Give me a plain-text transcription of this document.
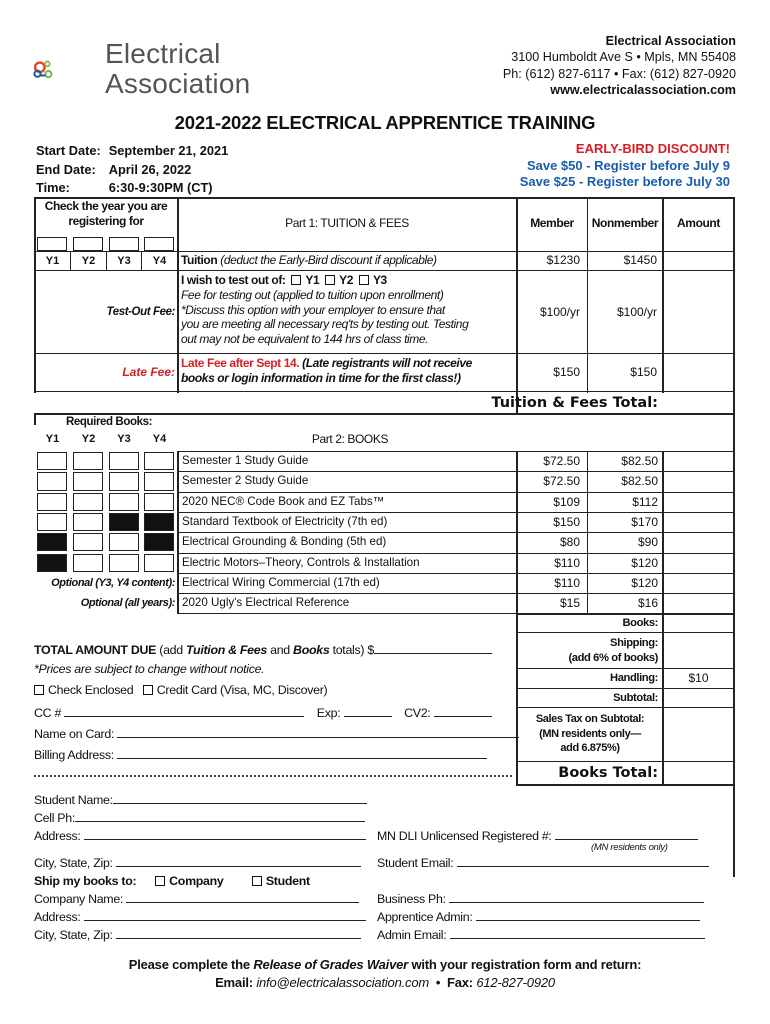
Electrical
Association
Electrical Association
3100 Humboldt Ave S • Mpls, MN 55408
Ph: (612) 827-6117 • Fax: (612) 827-0920
www.electricalassociation.com
2021-2022 ELECTRICAL APPRENTICE TRAINING
Start Date:	September 21, 2021
End Date:	April 26, 2022
Time:	6:30-9:30PM (CT)
EARLY-BIRD DISCOUNT!
Save $50 - Register before July 9
Save $25 - Register before July 30
Check the year you are registering for	Part 1: TUITION & FEES	Member	Nonmember	Amount
Y1	Y2	Y3	Y4	Tuition (deduct the Early-Bird discount if applicable)	$1230	$1450
I wish to test out of: Y1 Y2 Y3
Fee for testing out (applied to tuition upon enrollment)
*Discuss this option with your employer to ensure that
you are meeting all necessary req'ts by testing out. Testing
out may not be equivalent to 144 hrs of class time.
Test-Out Fee:	$100/yr	$100/yr
Late Fee:
Late Fee after Sept 14. (Late registrants will not receive
books or login information in time for the first class!)	$150	$150
Tuition & Fees Total:
Required Books:
Y1	Y2	Y3	Y4	Part 2: BOOKS
Semester 1 Study Guide	$72.50	$82.50
Semester 2 Study Guide	$72.50	$82.50
2020 NEC® Code Book and EZ Tabs™	$109	$112
Standard Textbook of Electricity (7th ed)	$150	$170
Electrical Grounding & Bonding (5th ed)	$80	$90
Electric Motors–Theory, Controls & Installation	$110	$120
Optional (Y3, Y4 content): Electrical Wiring Commercial (17th ed)	$110	$120
Optional (all years): 2020 Ugly's Electrical Reference	$15	$16
Books:
Shipping:
(add 6% of books)
Handling:	$10
Subtotal:
Sales Tax on Subtotal:
(MN residents only—
add 6.875%)
Books Total:
TOTAL AMOUNT DUE (add Tuition & Fees and Books totals) $
*Prices are subject to change without notice.
Check Enclosed Credit Card (Visa, MC, Discover)
CC #	Exp:	CV2:
Name on Card:
Billing Address:
Student Name:
Cell Ph:
Address:	MN DLI Unlicensed Registered #:
(MN residents only)
City, State, Zip:	Student Email:
Ship my books to:	Company	Student
Company Name:	Business Ph:
Address:	Apprentice Admin:
City, State, Zip:	Admin Email:
Please complete the Release of Grades Waiver with your registration form and return:
Email: info@electricalassociation.com  •  Fax: 612-827-0920
